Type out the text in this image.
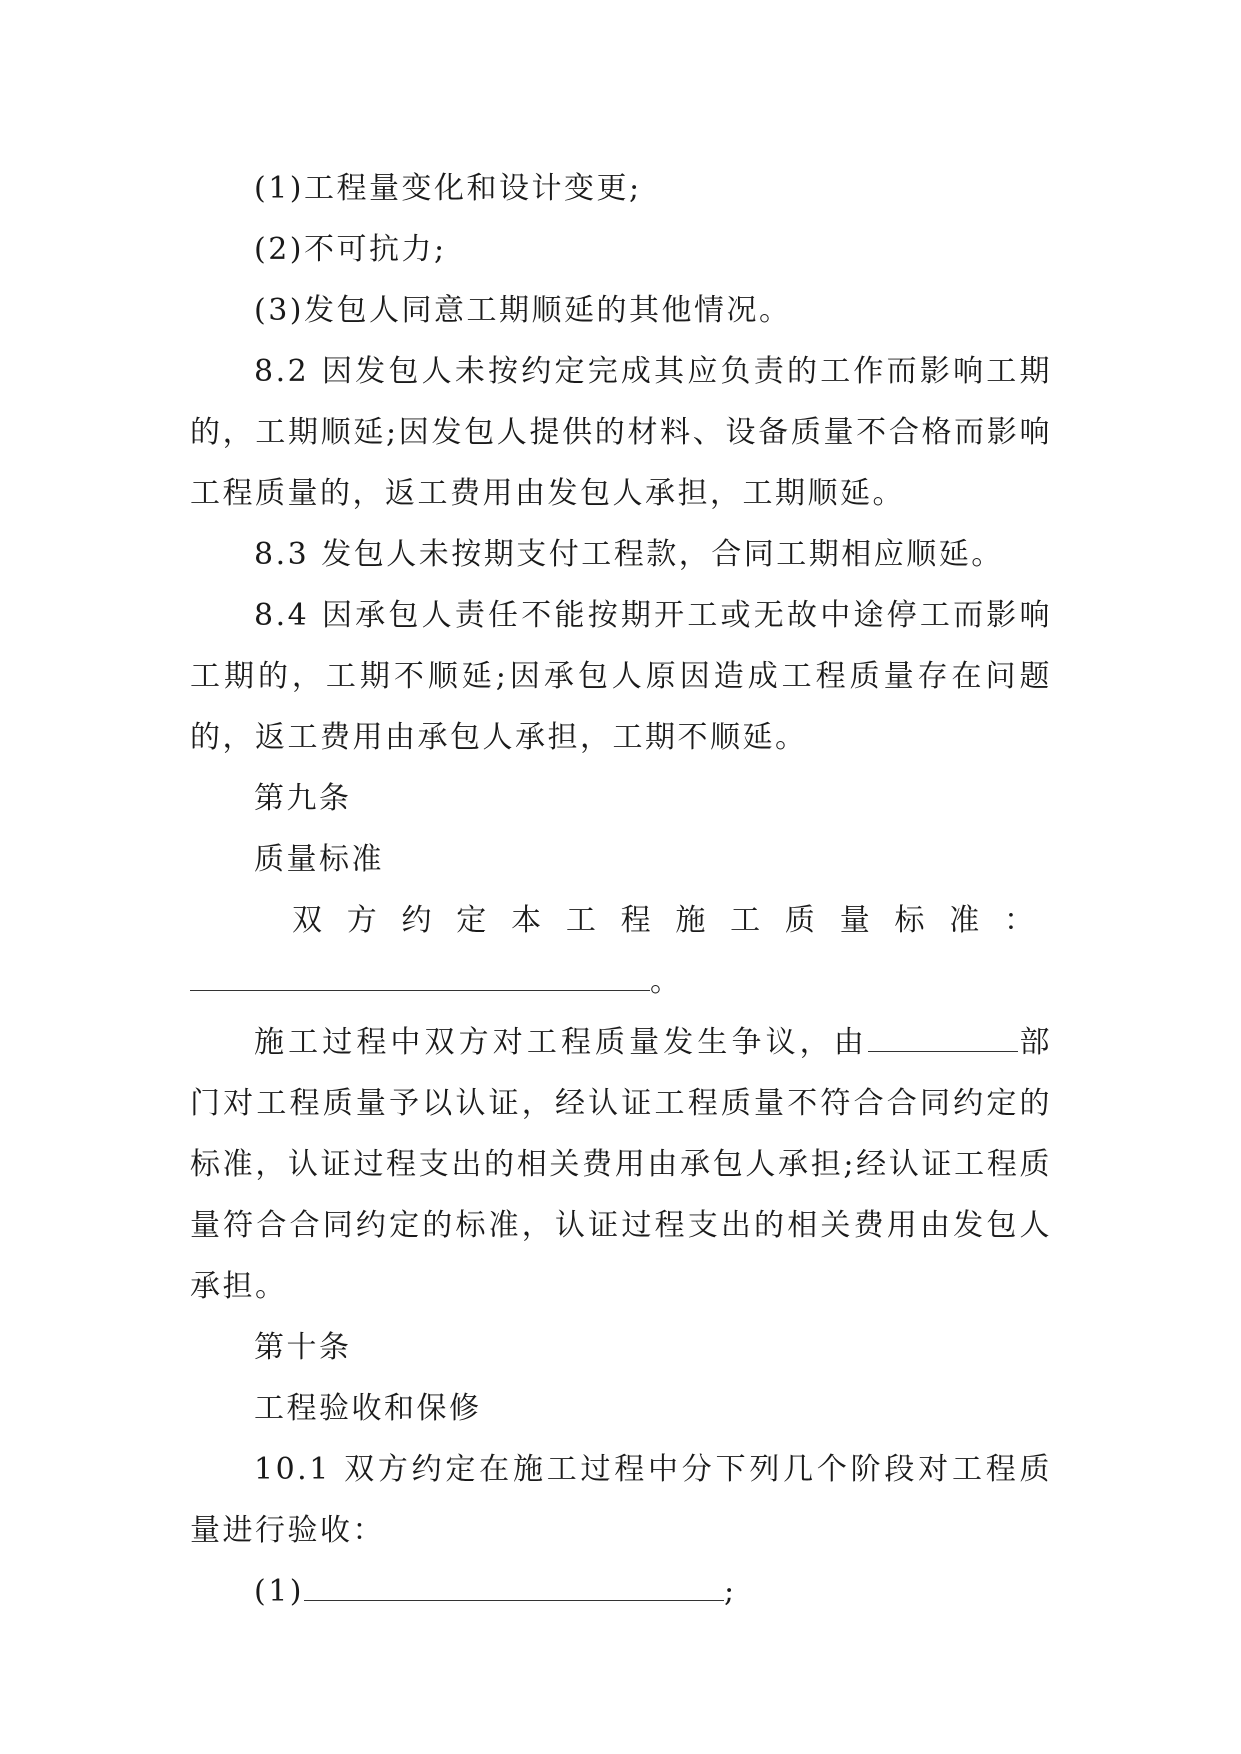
(1)工程量变化和设计变更;

(2)不可抗力;

(3)发包人同意工期顺延的其他情况。

8.2 因发包人未按约定完成其应负责的工作而影响工期的，工期顺延;因发包人提供的材料、设备质量不合格而影响工程质量的，返工费用由发包人承担，工期顺延。

8.3 发包人未按期支付工程款，合同工期相应顺延。

8.4 因承包人责任不能按期开工或无故中途停工而影响工期的，工期不顺延;因承包人原因造成工程质量存在问题的，返工费用由承包人承担，工期不顺延。

第九条

质量标准

双方约定本工程施工质量标准：

。

施工过程中双方对工程质量发生争议，由	部门对工程质量予以认证，经认证工程质量不符合合同约定的标准，认证过程支出的相关费用由承包人承担;经认证工程质量符合合同约定的标准，认证过程支出的相关费用由发包人承担。

第十条

工程验收和保修

10.1 双方约定在施工过程中分下列几个阶段对工程质量进行验收：

(1)	;
